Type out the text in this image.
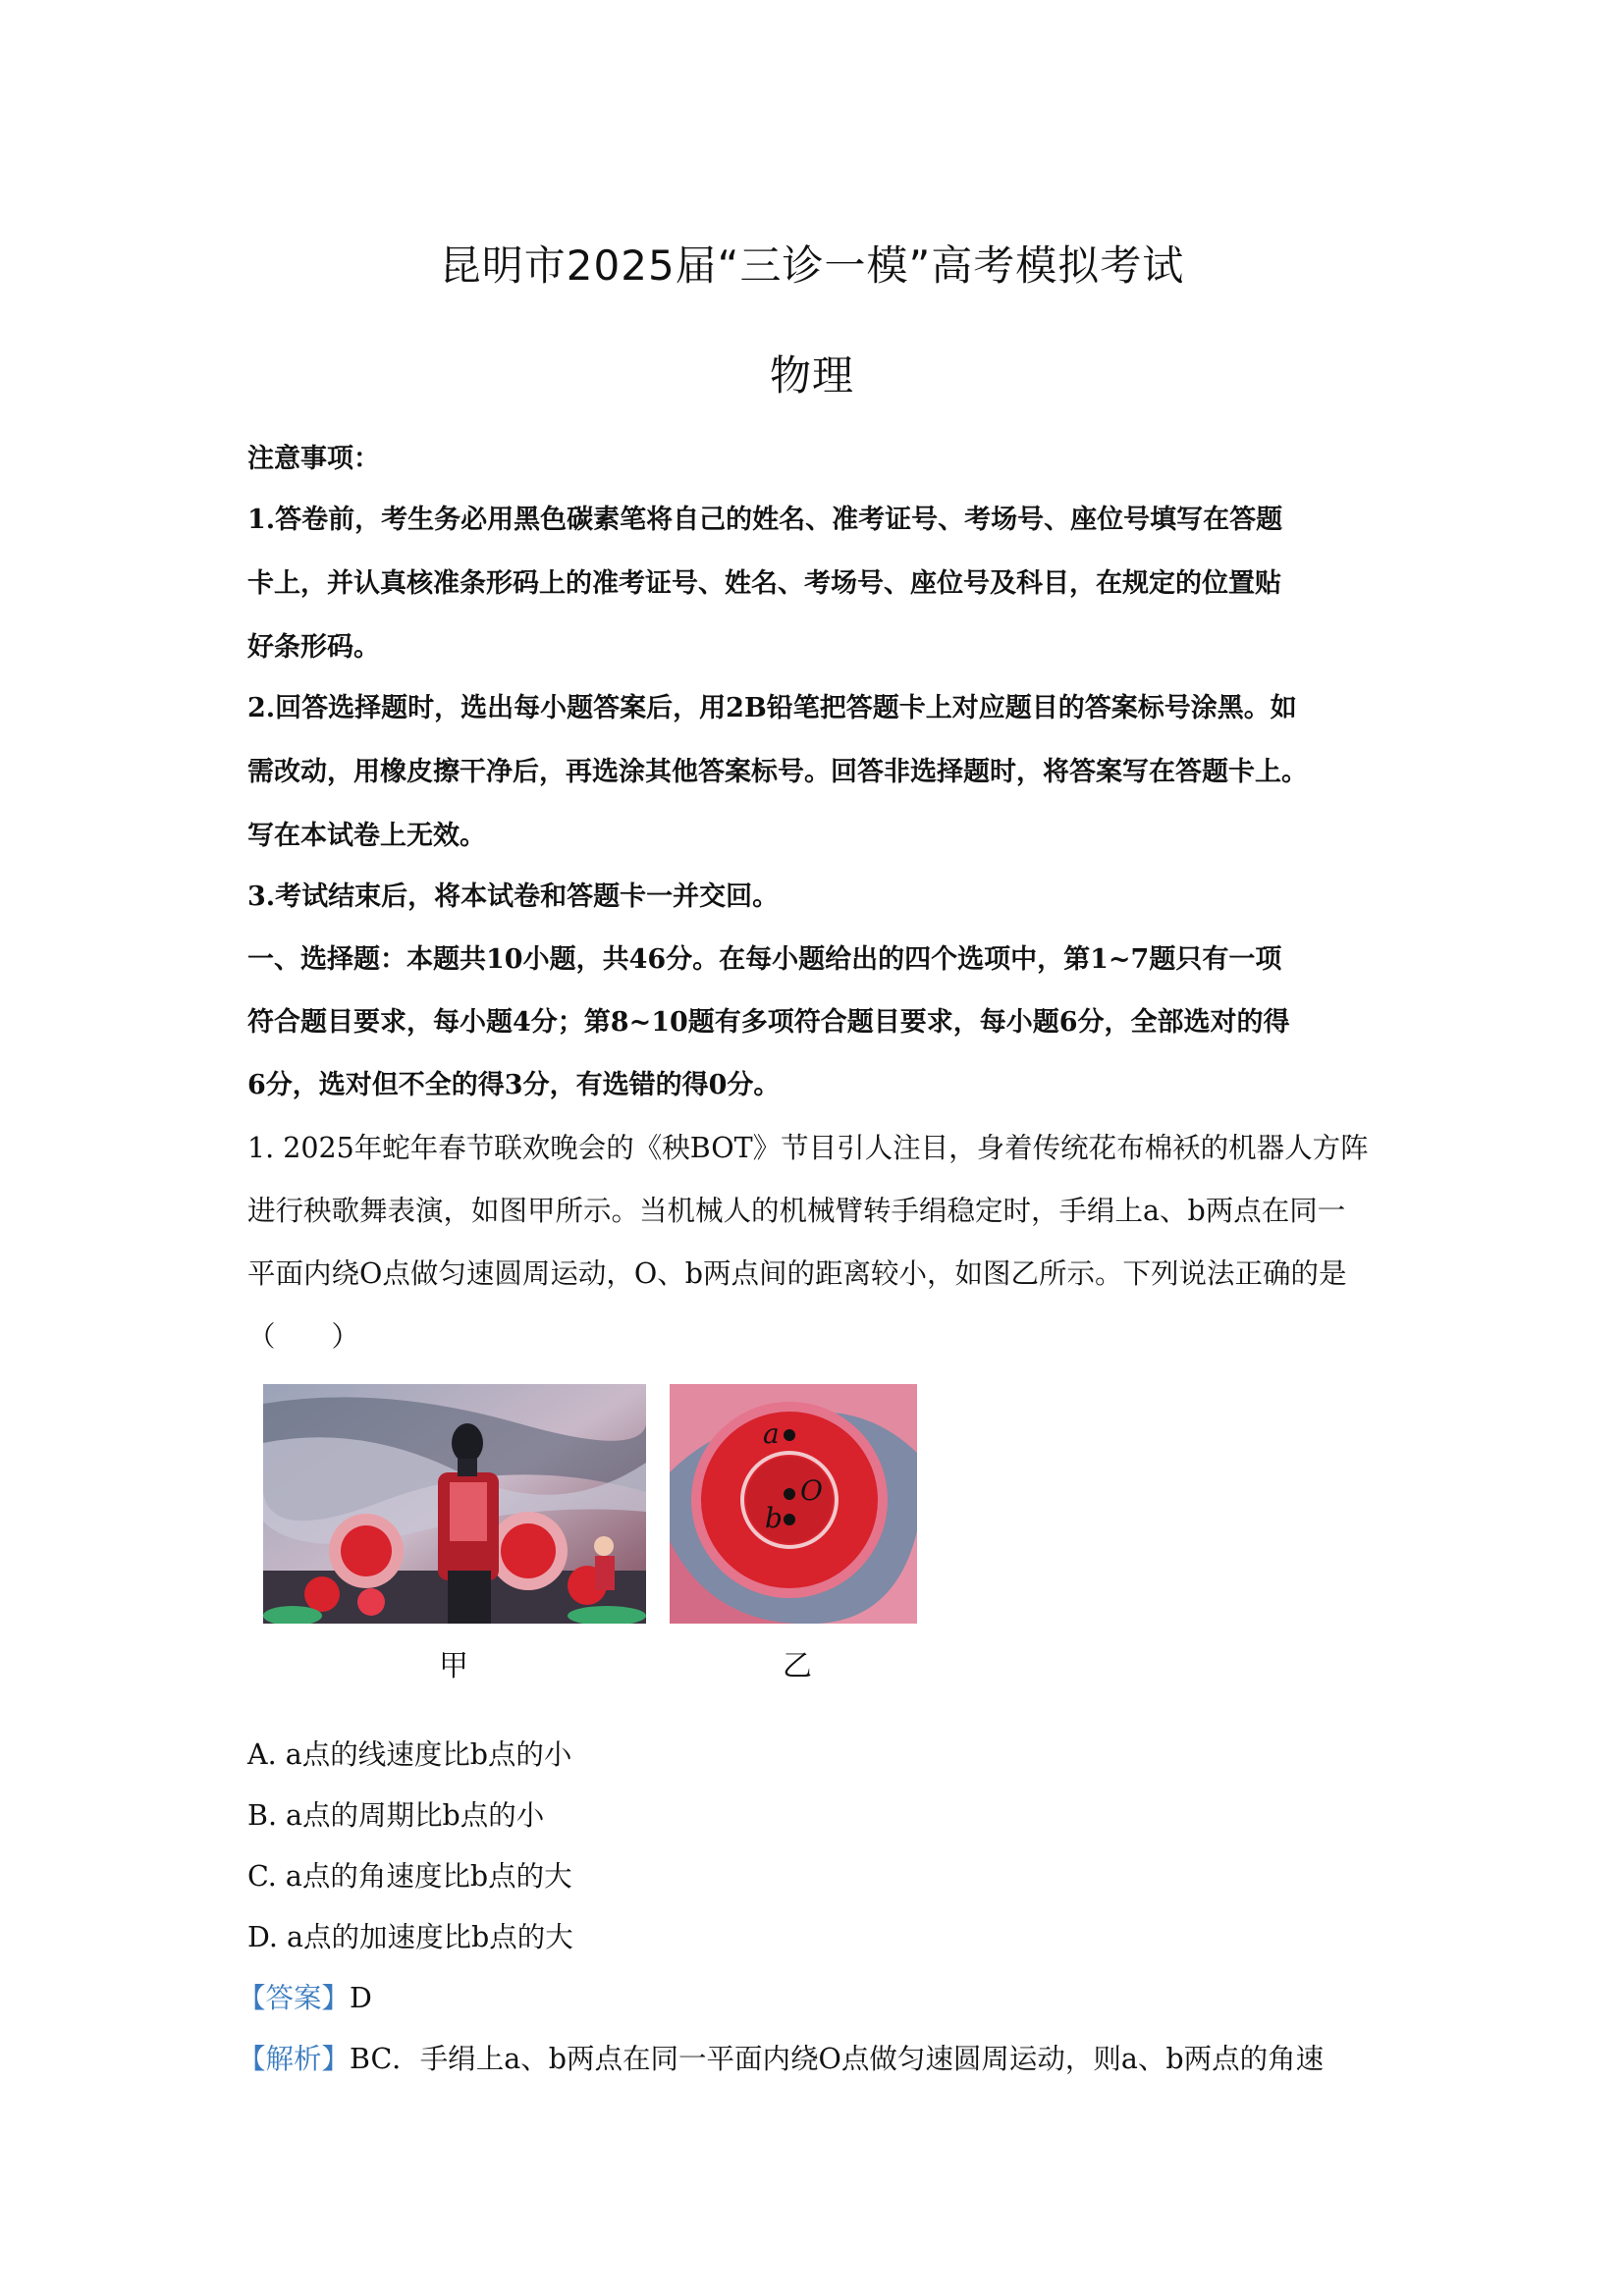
昆明市2025届“三诊一模”高考模拟考试
物理
注意事项：
1.答卷前，考生务必用黑色碳素笔将自己的姓名、准考证号、考场号、座位号填写在答题
卡上，并认真核准条形码上的准考证号、姓名、考场号、座位号及科目，在规定的位置贴
好条形码。
2.回答选择题时，选出每小题答案后，用2B铅笔把答题卡上对应题目的答案标号涂黑。如
需改动，用橡皮擦干净后，再选涂其他答案标号。回答非选择题时，将答案写在答题卡上。
写在本试卷上无效。
3.考试结束后，将本试卷和答题卡一并交回。
一、选择题：本题共10小题，共46分。在每小题给出的四个选项中，第1~7题只有一项
符合题目要求，每小题4分；第8~10题有多项符合题目要求，每小题6分，全部选对的得
6分，选对但不全的得3分，有选错的得0分。
1. 2025年蛇年春节联欢晚会的《秧BOT》节目引人注目，身着传统花布棉袄的机器人方阵
进行秧歌舞表演，如图甲所示。当机械人的机械臂转手绢稳定时，手绢上a、b两点在同一
平面内绕O点做匀速圆周运动，O、b两点间的距离较小，如图乙所示。下列说法正确的是
（　　）
a
O
b
甲	乙
A. a点的线速度比b点的小
B. a点的周期比b点的小
C. a点的角速度比b点的大
D. a点的加速度比b点的大
【答案】D
【解析】BC．手绢上a、b两点在同一平面内绕O点做匀速圆周运动，则a、b两点的角速
